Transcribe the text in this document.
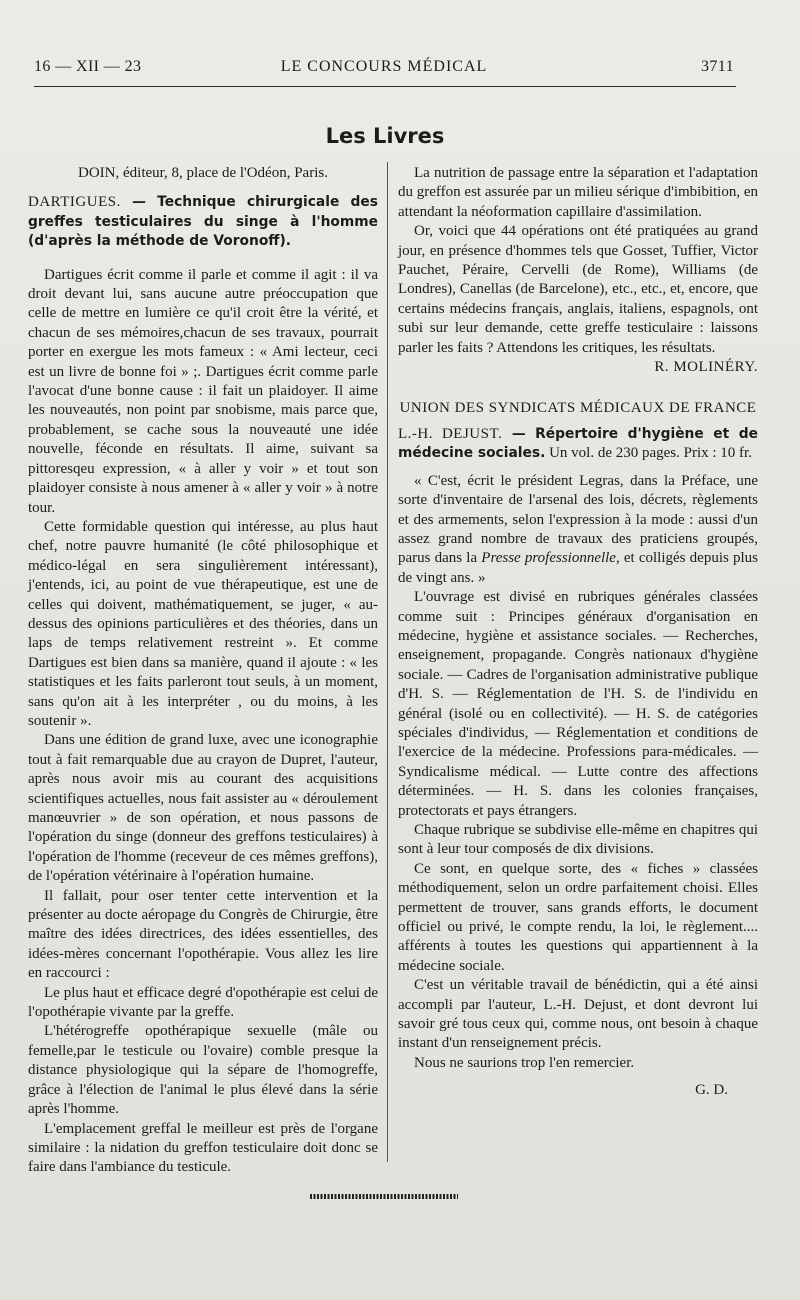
16 — XII — 23	LE CONCOURS MÉDICAL	3711
Les Livres

DOIN, éditeur, 8, place de l'Odéon, Paris.

DARTIGUES. — Technique chirurgicale des greffes testiculaires du singe à l'homme (d'après la méthode de Voronoff).

Dartigues écrit comme il parle et comme il agit : il va droit devant lui, sans aucune autre préoccupation que celle de mettre en lumière ce qu'il croit être la vérité, et chacun de ses mémoires,chacun de ses travaux, pourrait porter en exergue les mots fameux : « Ami lecteur, ceci est un livre de bonne foi » ;. Dartigues écrit comme parle l'avocat d'une bonne cause : il fait un plaidoyer. Il aime les nouveautés, non point par snobisme, mais parce que, probablement, se cache sous la nouveauté une idée nouvelle, féconde en résultats. Il aime, suivant sa pittoresqeu expression, « à aller y voir » et tout son plaidoyer consiste à nous amener à « aller y voir » à notre tour.

Cette formidable question qui intéresse, au plus haut chef, notre pauvre humanité (le côté philosophique et médico-légal en sera singulièrement intéressant), j'entends, ici, au point de vue thérapeutique, est une de celles qui doivent, mathématiquement, se juger, « au-dessus des opinions particulières et des théories, dans un laps de temps relativement restreint ». Et comme Dartigues est bien dans sa manière, quand il ajoute : « les statistiques et les faits parleront tout seuls, à un moment, sans qu'on ait à les interpréter , ou du moins, à les soutenir ».

Dans une édition de grand luxe, avec une iconographie tout à fait remarquable due au crayon de Dupret, l'auteur, après nous avoir mis au courant des acquisitions scientifiques actuelles, nous fait assister au « déroulement manœuvrier » de son opération, et nous passons de l'opération du singe (donneur des greffons testiculaires) à l'opération de l'homme (receveur de ces mêmes greffons), de l'opération vétérinaire à l'opération humaine.

Il fallait, pour oser tenter cette intervention et la présenter au docte aéropage du Congrès de Chirurgie, être maître des idées directrices, des idées essentielles, des idées-mères concernant l'opothérapie. Vous allez les lire en raccourci :

Le plus haut et efficace degré d'opothérapie est celui de l'opothérapie vivante par la greffe.

L'hétérogreffe opothérapique sexuelle (mâle ou femelle,par le testicule ou l'ovaire) comble presque la distance physiologique qui la sépare de l'homogreffe, grâce à l'élection de l'animal le plus élevé dans la série après l'homme.

L'emplacement greffal le meilleur est près de l'organe similaire : la nidation du greffon testiculaire doit donc se faire dans l'ambiance du testicule.

La nutrition de passage entre la séparation et l'adaptation du greffon est assurée par un milieu sérique d'imbibition, en attendant la néoformation capillaire d'assimilation.

Or, voici que 44 opérations ont été pratiquées au grand jour, en présence d'hommes tels que Gosset, Tuffier, Victor Pauchet, Péraire, Cervelli (de Rome), Williams (de Londres), Canellas (de Barcelone), etc., etc., et, encore, que certains médecins français, anglais, italiens, espagnols, ont subi sur leur demande, cette greffe testiculaire : laissons parler les faits ? Attendons les critiques, les résultats.

R. MOLINÉRY.

UNION DES SYNDICATS MÉDICAUX DE FRANCE

L.-H. DEJUST. — Répertoire d'hygiène et de médecine sociales. Un vol. de 230 pages. Prix : 10 fr.

« C'est, écrit le président Legras, dans la Préface, une sorte d'inventaire de l'arsenal des lois, décrets, règlements et des armements, selon l'expression à la mode : aussi d'un assez grand nombre de travaux des praticiens groupés, parus dans la Presse professionnelle, et colligés depuis plus de vingt ans. »

L'ouvrage est divisé en rubriques générales classées comme suit : Principes généraux d'organisation en médecine, hygiène et assistance sociales. — Recherches, enseignement, propagande. Congrès nationaux d'hygiène sociale. — Cadres de l'organisation administrative publique d'H. S. — Réglementation de l'H. S. de l'individu en général (isolé ou en collectivité). — H. S. de catégories spéciales d'individus, — Réglementation et conditions de l'exercice de la médecine. Professions para-médicales. — Syndicalisme médical. — Lutte contre des affections déterminées. — H. S. dans les colonies françaises, protectorats et pays étrangers.

Chaque rubrique se subdivise elle-même en chapitres qui sont à leur tour composés de dix divisions.

Ce sont, en quelque sorte, des « fiches » classées méthodiquement, selon un ordre parfaitement choisi. Elles permettent de trouver, sans grands efforts, le document officiel ou privé, le compte rendu, la loi, le règlement.... afférents à toutes les questions qui appartiennent à la médecine sociale.

C'est un véritable travail de bénédictin, qui a été ainsi accompli par l'auteur, L.-H. Dejust, et dont devront lui savoir gré tous ceux qui, comme nous, ont besoin à chaque instant d'un renseignement précis.

Nous ne saurions trop l'en remercier.

G. D.
